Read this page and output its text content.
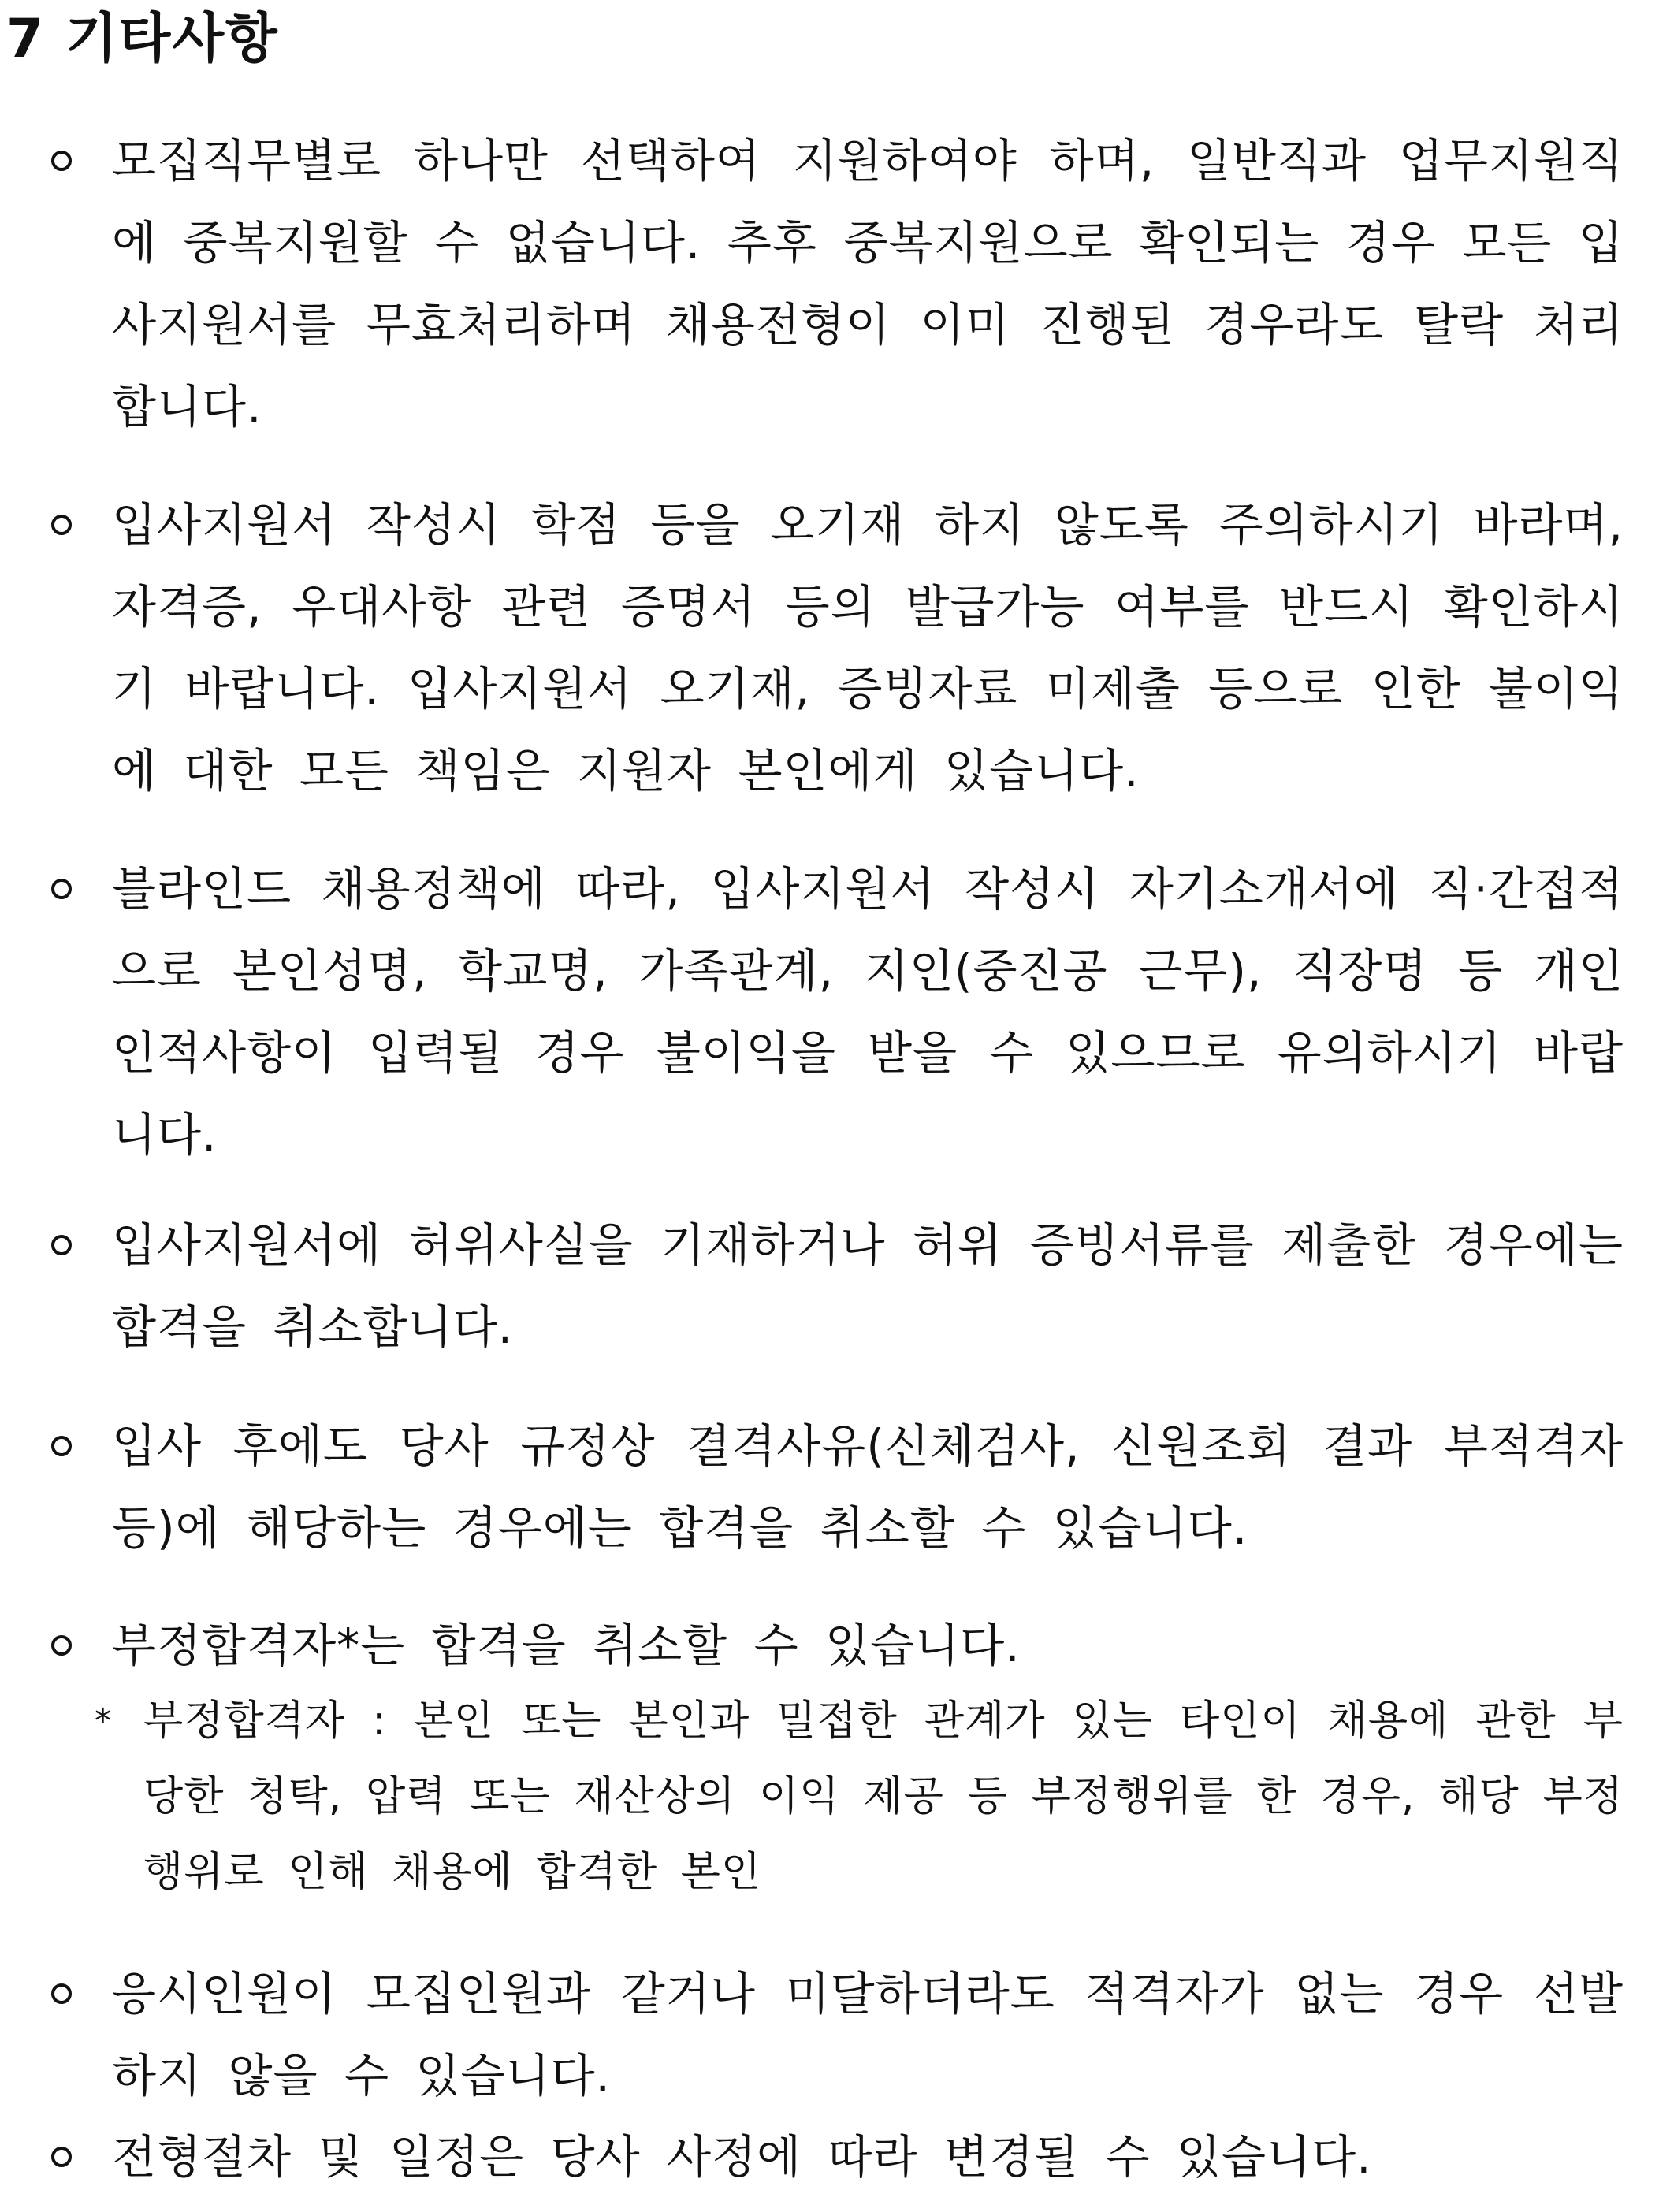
7 기타사항

모집직무별로 하나만 선택하여 지원하여야 하며, 일반직과 업무지원직에 중복지원할 수 없습니다. 추후 중복지원으로 확인되는 경우 모든 입사지원서를 무효처리하며 채용전형이 이미 진행된 경우라도 탈락 처리합니다.

입사지원서 작성시 학점 등을 오기재 하지 않도록 주의하시기 바라며, 자격증, 우대사항 관련 증명서 등의 발급가능 여부를 반드시 확인하시기 바랍니다. 입사지원서 오기재, 증빙자료 미제출 등으로 인한 불이익에 대한 모든 책임은 지원자 본인에게 있습니다.

블라인드 채용정책에 따라, 입사지원서 작성시 자기소개서에 직·간접적으로 본인성명, 학교명, 가족관계, 지인(중진공 근무), 직장명 등 개인 인적사항이 입력될 경우 불이익을 받을 수 있으므로 유의하시기 바랍니다.

입사지원서에 허위사실을 기재하거나 허위 증빙서류를 제출한 경우에는 합격을 취소합니다.

입사 후에도 당사 규정상 결격사유(신체검사, 신원조회 결과 부적격자 등)에 해당하는 경우에는 합격을 취소할 수 있습니다.

부정합격자*는 합격을 취소할 수 있습니다.

* 부정합격자 : 본인 또는 본인과 밀접한 관계가 있는 타인이 채용에 관한 부당한 청탁, 압력 또는 재산상의 이익 제공 등 부정행위를 한 경우, 해당 부정행위로 인해 채용에 합격한 본인

응시인원이 모집인원과 같거나 미달하더라도 적격자가 없는 경우 선발하지 않을 수 있습니다.

전형절차 및 일정은 당사 사정에 따라 변경될 수 있습니다.
